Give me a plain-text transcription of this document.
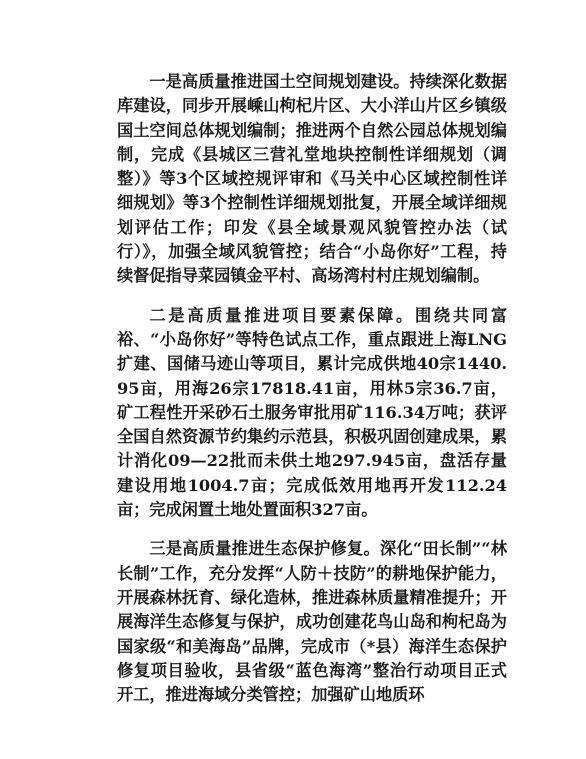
一是高质量推进国土空间规划建设。持续深化数据库建设，同步开展嵊山枸杞片区、大小洋山片区乡镇级国土空间总体规划编制；推进两个自然公园总体规划编制，完成《县城区三营礼堂地块控制性详细规划（调整）》等3个区域控规评审和《马关中心区域控制性详细规划》等3个控制性详细规划批复，开展全域详细规划评估工作；印发《县全域景观风貌管控办法（试行）》，加强全域风貌管控；结合“小岛你好”工程，持续督促指导菜园镇金平村、高场湾村村庄规划编制。

二是高质量推进项目要素保障。围绕共同富裕、“小岛你好”等特色试点工作，重点跟进上海LNG扩建、国储马迹山等项目，累计完成供地40宗1440.95亩，用海26宗17818.41亩，用林5宗36.7亩，矿工程性开采砂石土服务审批用矿116.34万吨；获评全国自然资源节约集约示范县，积极巩固创建成果，累计消化09—22批而未供土地297.945亩，盘活存量建设用地1004.7亩；完成低效用地再开发112.24亩；完成闲置土地处置面积327亩。

三是高质量推进生态保护修复。深化“田长制”“林长制”工作，充分发挥“人防＋技防”的耕地保护能力，开展森林抚育、绿化造林，推进森林质量精准提升；开展海洋生态修复与保护，成功创建花鸟山岛和枸杞岛为国家级“和美海岛”品牌，完成市（*县）海洋生态保护修复项目验收，县省级“蓝色海湾”整治行动项目正式开工，推进海域分类管控；加强矿山地质环
